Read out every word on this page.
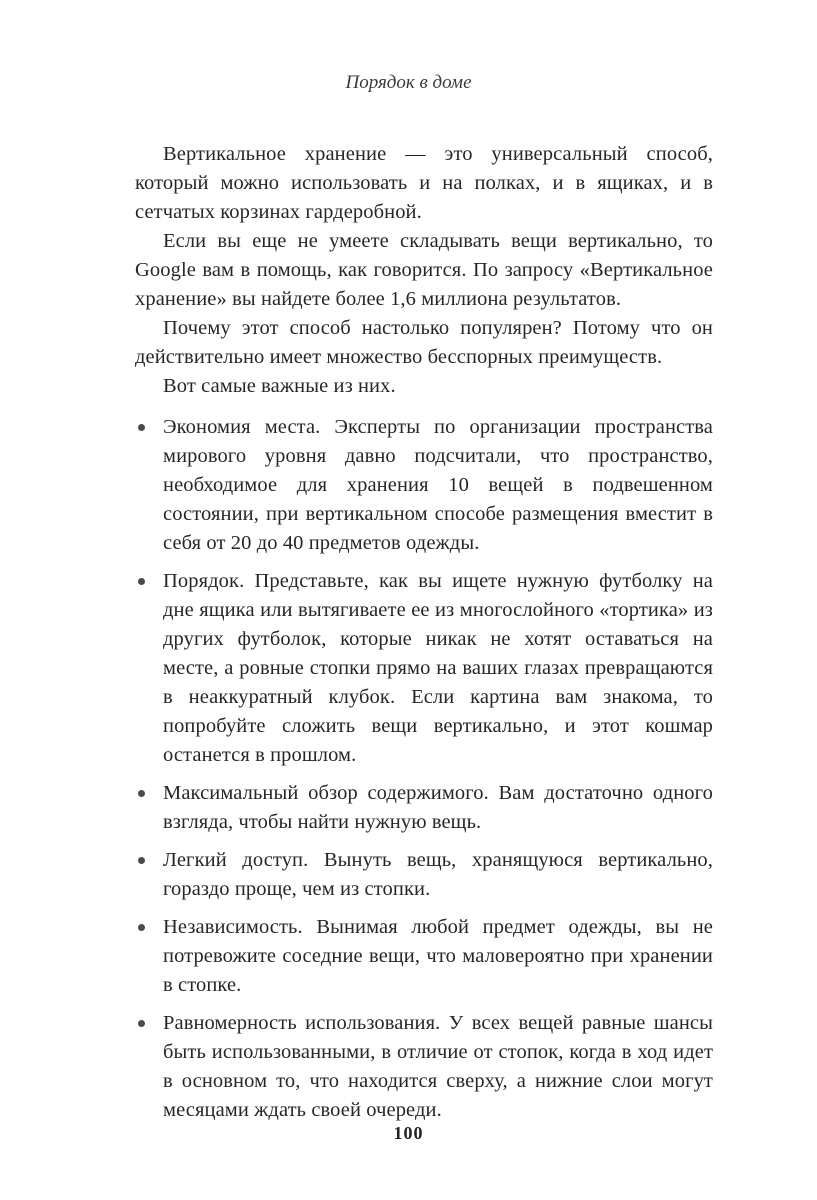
Порядок в доме

Вертикальное хранение — это универсальный способ, который можно использовать и на полках, и в ящиках, и в сетчатых корзинах гардеробной.

Если вы еще не умеете складывать вещи вертикально, то Google вам в помощь, как говорится. По запросу «Вертикальное хранение» вы найдете более 1,6 миллиона результатов.

Почему этот способ настолько популярен? Потому что он действительно имеет множество бесспорных преимуществ.

Вот самые важные из них.

Экономия места. Эксперты по организации пространства мирового уровня давно подсчитали, что пространство, необходимое для хранения 10 вещей в подвешенном состоянии, при вертикальном способе размещения вместит в себя от 20 до 40 предметов одежды.
Порядок. Представьте, как вы ищете нужную футболку на дне ящика или вытягиваете ее из многослойного «тортика» из других футболок, которые никак не хотят оставаться на месте, а ровные стопки прямо на ваших глазах превращаются в неаккуратный клубок. Если картина вам знакома, то попробуйте сложить вещи вертикально, и этот кошмар останется в прошлом.
Максимальный обзор содержимого. Вам достаточно одного взгляда, чтобы найти нужную вещь.
Легкий доступ. Вынуть вещь, хранящуюся вертикально, гораздо проще, чем из стопки.
Независимость. Вынимая любой предмет одежды, вы не потревожите соседние вещи, что маловероятно при хранении в стопке.
Равномерность использования. У всех вещей равные шансы быть использованными, в отличие от стопок, когда в ход идет в основном то, что находится сверху, а нижние слои могут месяцами ждать своей очереди.
100
